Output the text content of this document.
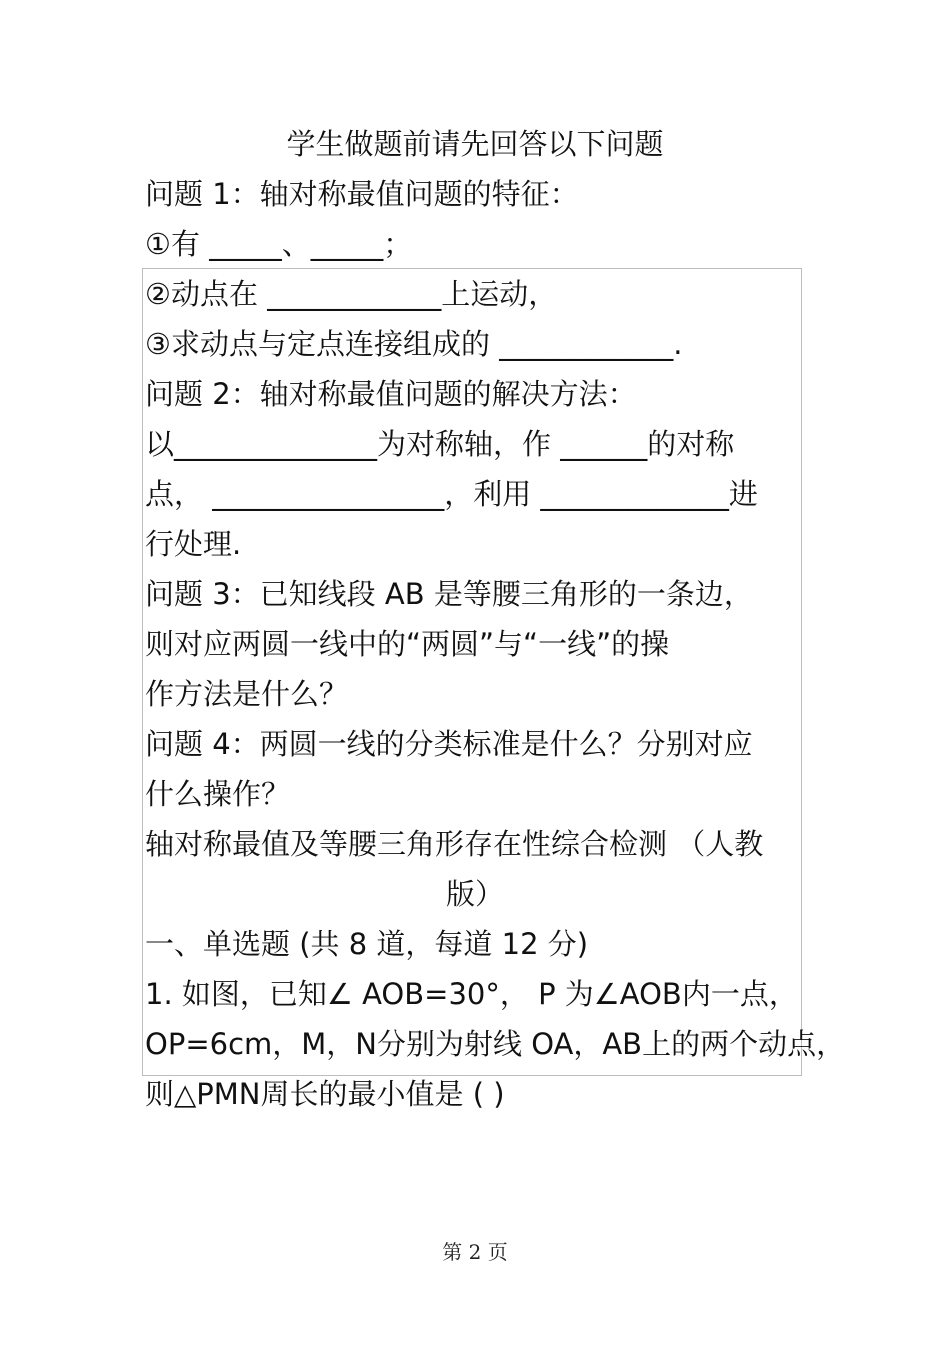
学生做题前请先回答以下问题
问题 1：轴对称最值问题的特征：
①有 _____、_____；
②动点在 ____________上运动，
③求动点与定点连接组成的 ____________.
问题 2：轴对称最值问题的解决方法：
以______________为对称轴，作 ______的对称
点， ________________，利用 _____________进
行处理.
问题 3：已知线段 AB 是等腰三角形的一条边，
则对应两圆一线中的“两圆”与“一线”的操
作方法是什么？
问题 4：两圆一线的分类标准是什么？分别对应
什么操作？
轴对称最值及等腰三角形存在性综合检测 （人教
版）
一、单选题 (共 8 道，每道 12 分)
1. 如图，已知∠ AOB=30°， P 为∠AOB内一点，
OP=6cm，M，N分别为射线 OA，AB上的两个动点，
则△PMN周长的最小值是 ( )
第 2 页
